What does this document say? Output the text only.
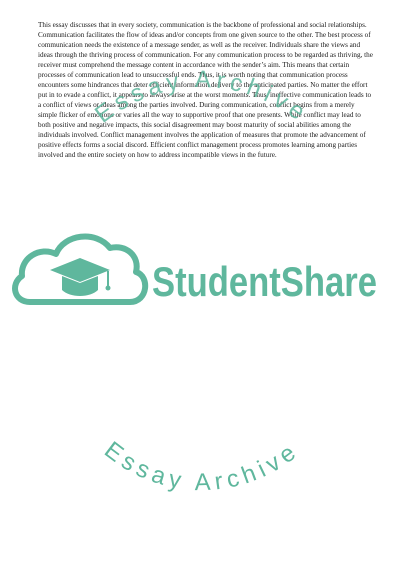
This essay discusses that in every society, communication is the backbone of professional and social relationships. Communication facilitates the flow of ideas and/or concepts from one given source to the other. The best process of communication needs the existence of a message sender, as well as the receiver. Individuals share the views and ideas through the thriving process of communication. For any communication process to be regarded as thriving, the receiver must comprehend the message content in accordance with the sender’s aim. This means that certain processes of communication lead to unsuccessful ends. Thus, it is worth noting that communication process encounters some hindrances that deter efficient information delivery to the anticipated parties. No matter the effort put in to evade a conflict, it appears to always arise at the worst moments. Thus, ineffective communication leads to a conflict of views or ideas among the parties involved. During communication, conflict begins from a merely simple flicker of emotions or varies all the way to supportive proof that one presents. While conflict may lead to both positive and negative impacts, this social disagreement may boost maturity of social abilities among the individuals involved. Conflict management involves the application of measures that promote the advancement of positive effects forms a social discord. Efficient conflict management process promotes learning among parties involved and the entire society on how to address incompatible views in the future.

Essay Archive
StudentShare
Essay Archive
